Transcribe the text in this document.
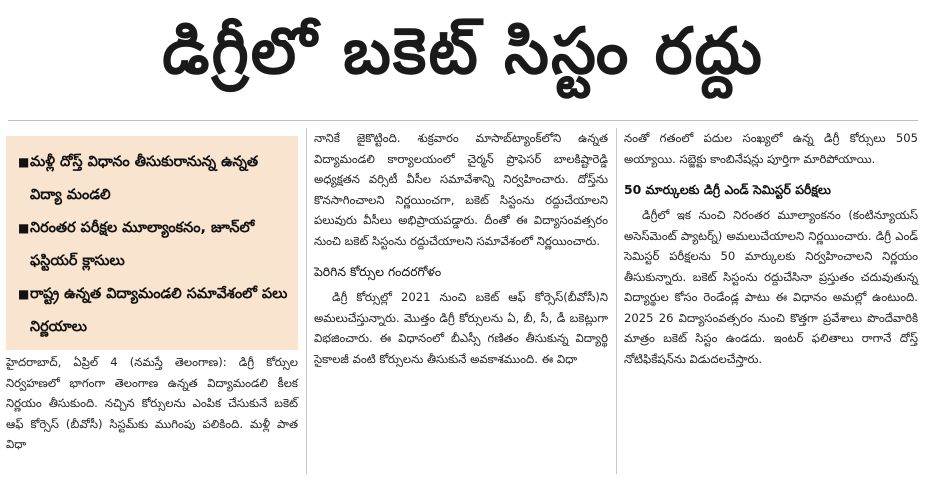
డిగ్రీలో బకెట్ సిస్టం రద్దు
■ మళ్లీ దోస్త్ విధానం తీసుకురానున్న ఉన్నత విద్యా మండలి
■ నిరంతర పరీక్షల మూల్యాంకనం, జూన్‌లో ఫస్టియర్ క్లాసులు
■ రాష్ట్ర ఉన్నత విద్యామండలి సమావేశంలో పలు నిర్ణయాలు

హైదరాబాద్, ఏప్రిల్ 4 (నమస్తే తెలంగాణ): డిగ్రీ కోర్సుల నిర్వహణలో భాగంగా తెలంగాణ ఉన్నత విద్యామండలి కీలక నిర్ణయం తీసుకుంది. నచ్చిన కోర్సులను ఎంపిక చేసుకునే బకెట్ ఆఫ్ కోర్సెస్ (బీవోసీ) సిస్టమ్‌కు ముగింపు పలికింది. మళ్లీ పాత విధా

నానికే జైకొట్టింది. శుక్రవారం మాసాబ్‌ట్యాంక్‌లోని ఉన్నత విద్యామండలి కార్యాలయంలో చైర్మన్ ప్రొఫెసర్ బాలకిష్టారెడ్డి అధ్యక్షతన వర్సిటీ వీసీల సమావేశాన్ని నిర్వహించారు. దోస్త్‌ను కొనసాగించాలని నిర్ణయించగా, బకెట్ సిస్టంను రద్దుచేయాలని పలువురు వీసీలు అభిప్రాయపడ్డారు. దీంతో ఈ విద్యాసంవత్సరం నుంచి బకెట్ సిస్టంను రద్దుచేయాలని సమావేశంలో నిర్ణయించారు.

పెరిగిన కోర్సుల గందరగోళం

డిగ్రీ కోర్సుల్లో 2021 నుంచి బకెట్ ఆఫ్ కోర్సెస్(బీవోసీ)ని అమలుచేస్తున్నారు. మొత్తం డిగ్రీ కోర్సులను ఏ, బీ, సీ, డీ బకెట్లుగా విభజించారు. ఈ విధానంలో బీఎస్సీ గణితం తీసుకున్న విద్యార్థి సైకాలజీ వంటి కోర్సులను తీసుకునే అవకాశముంది. ఈ విధా

నంతో గతంలో పదుల సంఖ్యలో ఉన్న డిగ్రీ కోర్సులు 505 అయ్యాయి. సబ్జెక్టు కాంబినేషన్లు పూర్తిగా మారిపోయాయి.

50 మార్కులకు డిగ్రీ ఎండ్ సెమిస్టర్ పరీక్షలు

డిగ్రీలో ఇక నుంచి నిరంతర మూల్యాంకనం (కంటిన్యూయస్ అసెస్‌మెంట్ ప్యాటర్న్) అమలుచేయాలని నిర్ణయించారు. డిగ్రీ ఎండ్ సెమిస్టర్ పరీక్షలను 50 మార్కులకు నిర్వహించాలని నిర్ణయం తీసుకున్నారు. బకెట్ సిస్టంను రద్దుచేసినా ప్రస్తుతం చదువుతున్న విద్యార్థుల కోసం రెండేండ్ల పాటు ఈ విధానం అమల్లో ఉంటుంది. 2025 26 విద్యాసంవత్సరం నుంచి కొత్తగా ప్రవేశాలు పొందేవారికి మాత్రం బకెట్ సిస్టం ఉండదు. ఇంటర్ ఫలితాలు రాగానే దోస్త్ నోటిఫికేషన్‌ను విడుదలచేస్తారు.
